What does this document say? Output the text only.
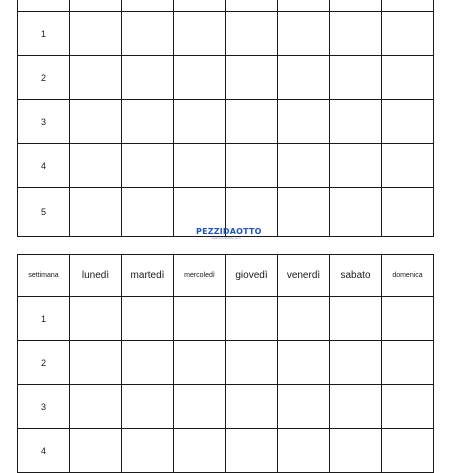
1							
2							
3							
4							
5							
PEZZIDAOTTO
www.pezzidaotto.com
settimana	lunedì	martedì	mercoledì	giovedì	venerdì	sabato	domenica
1							
2							
3							
4							
